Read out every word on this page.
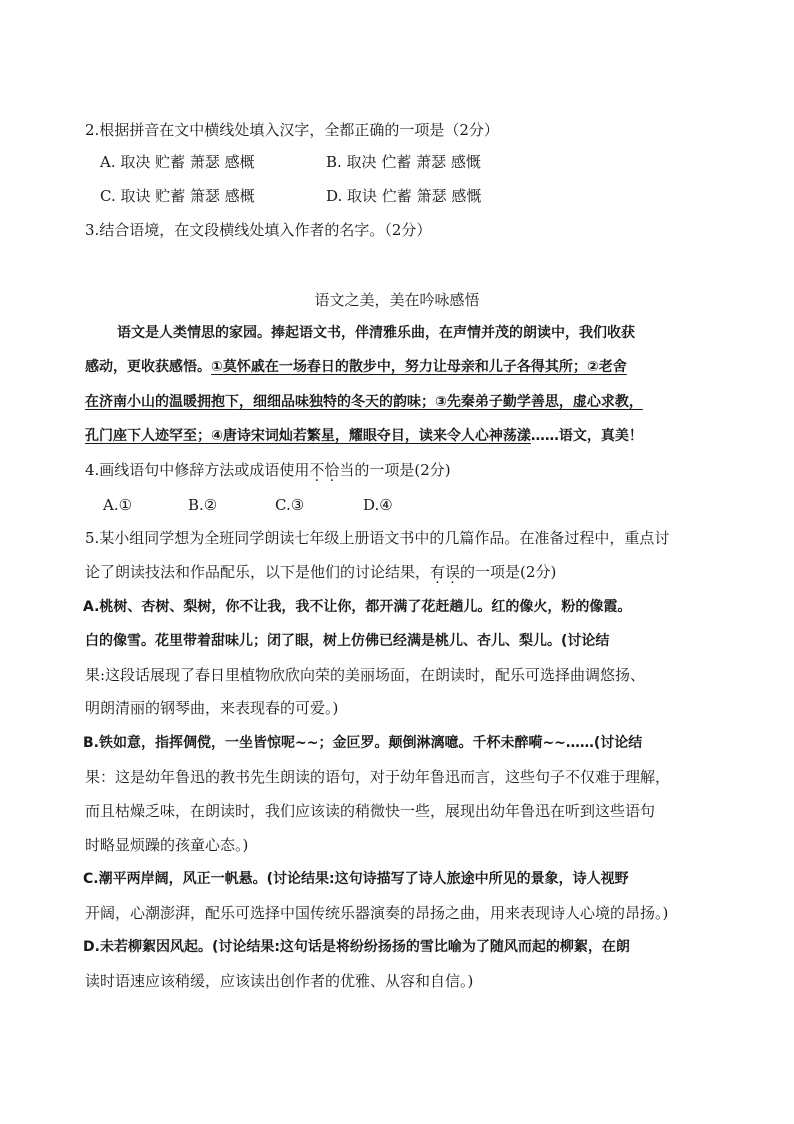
2.根据拼音在文中横线处填入汉字，全都正确的一项是（2分）
A. 取决 贮蓄 萧瑟 感概	B. 取决 伫蓄 萧瑟 感慨
C. 取诀 贮蓄 箫瑟 感概	D. 取诀 伫蓄 箫瑟 感慨
3.结合语境，在文段横线处填入作者的名字。（2分）
语文之美，美在吟咏感悟
语文是人类情思的家园。捧起语文书，伴清雅乐曲，在声情并茂的朗读中，我们收获
感动，更收获感悟。①莫怀戚在一场春日的散步中，努力让母亲和儿子各得其所；②老舍
在济南小山的温暖拥抱下，细细品味独特的冬天的韵味；③先秦弟子勤学善思，虚心求教，
孔门座下人迹罕至；④唐诗宋词灿若繁星，耀眼夺目，读来令人心神荡漾……语文，真美！
4.画线语句中修辞方法或成语使用不恰当的一项是(2分)
A.①	B.②	C.③	D.④
5.某小组同学想为全班同学朗读七年级上册语文书中的几篇作品。在准备过程中，重点讨
论了朗读技法和作品配乐，以下是他们的讨论结果，有误的一项是(2分)
A.桃树、杏树、梨树，你不让我，我不让你，都开满了花赶趟儿。红的像火，粉的像霞。
白的像雪。花里带着甜味儿；闭了眼，树上仿佛已经满是桃儿、杏儿、梨儿。(讨论结
果:这段话展现了春日里植物欣欣向荣的美丽场面，在朗读时，配乐可选择曲调悠扬、
明朗清丽的钢琴曲，来表现春的可爱。)
B.铁如意，指挥倜傥，一坐皆惊呢~~；金叵罗。颠倒淋漓噫。千杯未醉嗬~~……(讨论结
果：这是幼年鲁迅的教书先生朗读的语句，对于幼年鲁迅而言，这些句子不仅难于理解，
而且枯燥乏味，在朗读时，我们应该读的稍微快一些，展现出幼年鲁迅在听到这些语句
时略显烦躁的孩童心态。)
C.潮平两岸阔，风正一帆悬。(讨论结果:这句诗描写了诗人旅途中所见的景象，诗人视野
开阔，心潮澎湃，配乐可选择中国传统乐器演奏的昂扬之曲，用来表现诗人心境的昂扬。)
D.未若柳絮因风起。(讨论结果:这句话是将纷纷扬扬的雪比喻为了随风而起的柳絮，在朗
读时语速应该稍缓，应该读出创作者的优雅、从容和自信。)
